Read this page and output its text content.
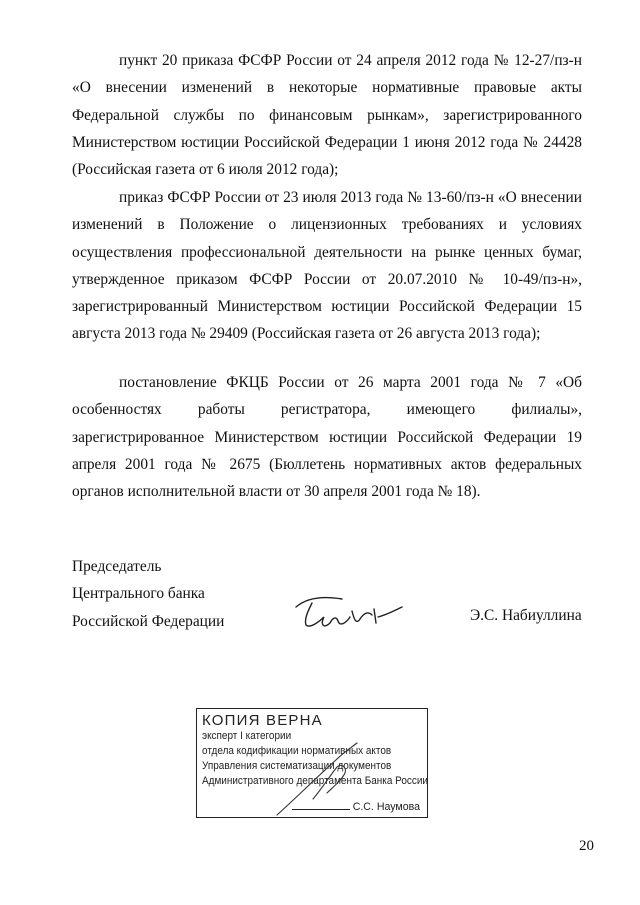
пункт 20 приказа ФСФР России от 24 апреля 2012 года № 12-27/пз-н «О внесении изменений в некоторые нормативные правовые акты Федеральной службы по финансовым рынкам», зарегистрированного Министерством юстиции Российской Федерации 1 июня 2012 года № 24428 (Российская газета от 6 июля 2012 года);

приказ ФСФР России от 23 июля 2013 года № 13-60/пз-н «О внесении изменений в Положение о лицензионных требованиях и условиях осуществления профессиональной деятельности на рынке ценных бумаг, утвержденное приказом ФСФР России от 20.07.2010 № 10-49/пз-н», зарегистрированный Министерством юстиции Российской Федерации 15 августа 2013 года № 29409 (Российская газета от 26 августа 2013 года);

постановление ФКЦБ России от 26 марта 2001 года № 7 «Об особенностях работы регистратора, имеющего филиалы», зарегистрированное Министерством юстиции Российской Федерации 19 апреля 2001 года № 2675 (Бюллетень нормативных актов федеральных органов исполнительной власти от 30 апреля 2001 года № 18).

Председатель
Центрального банка
Российской Федерации	Э.С. Набиуллина
КОПИЯ ВЕРНА
эксперт I категории
отдела кодификации нормативных актов
Управления систематизации документов
Административного департамента Банка России
С.С. Наумова
20
